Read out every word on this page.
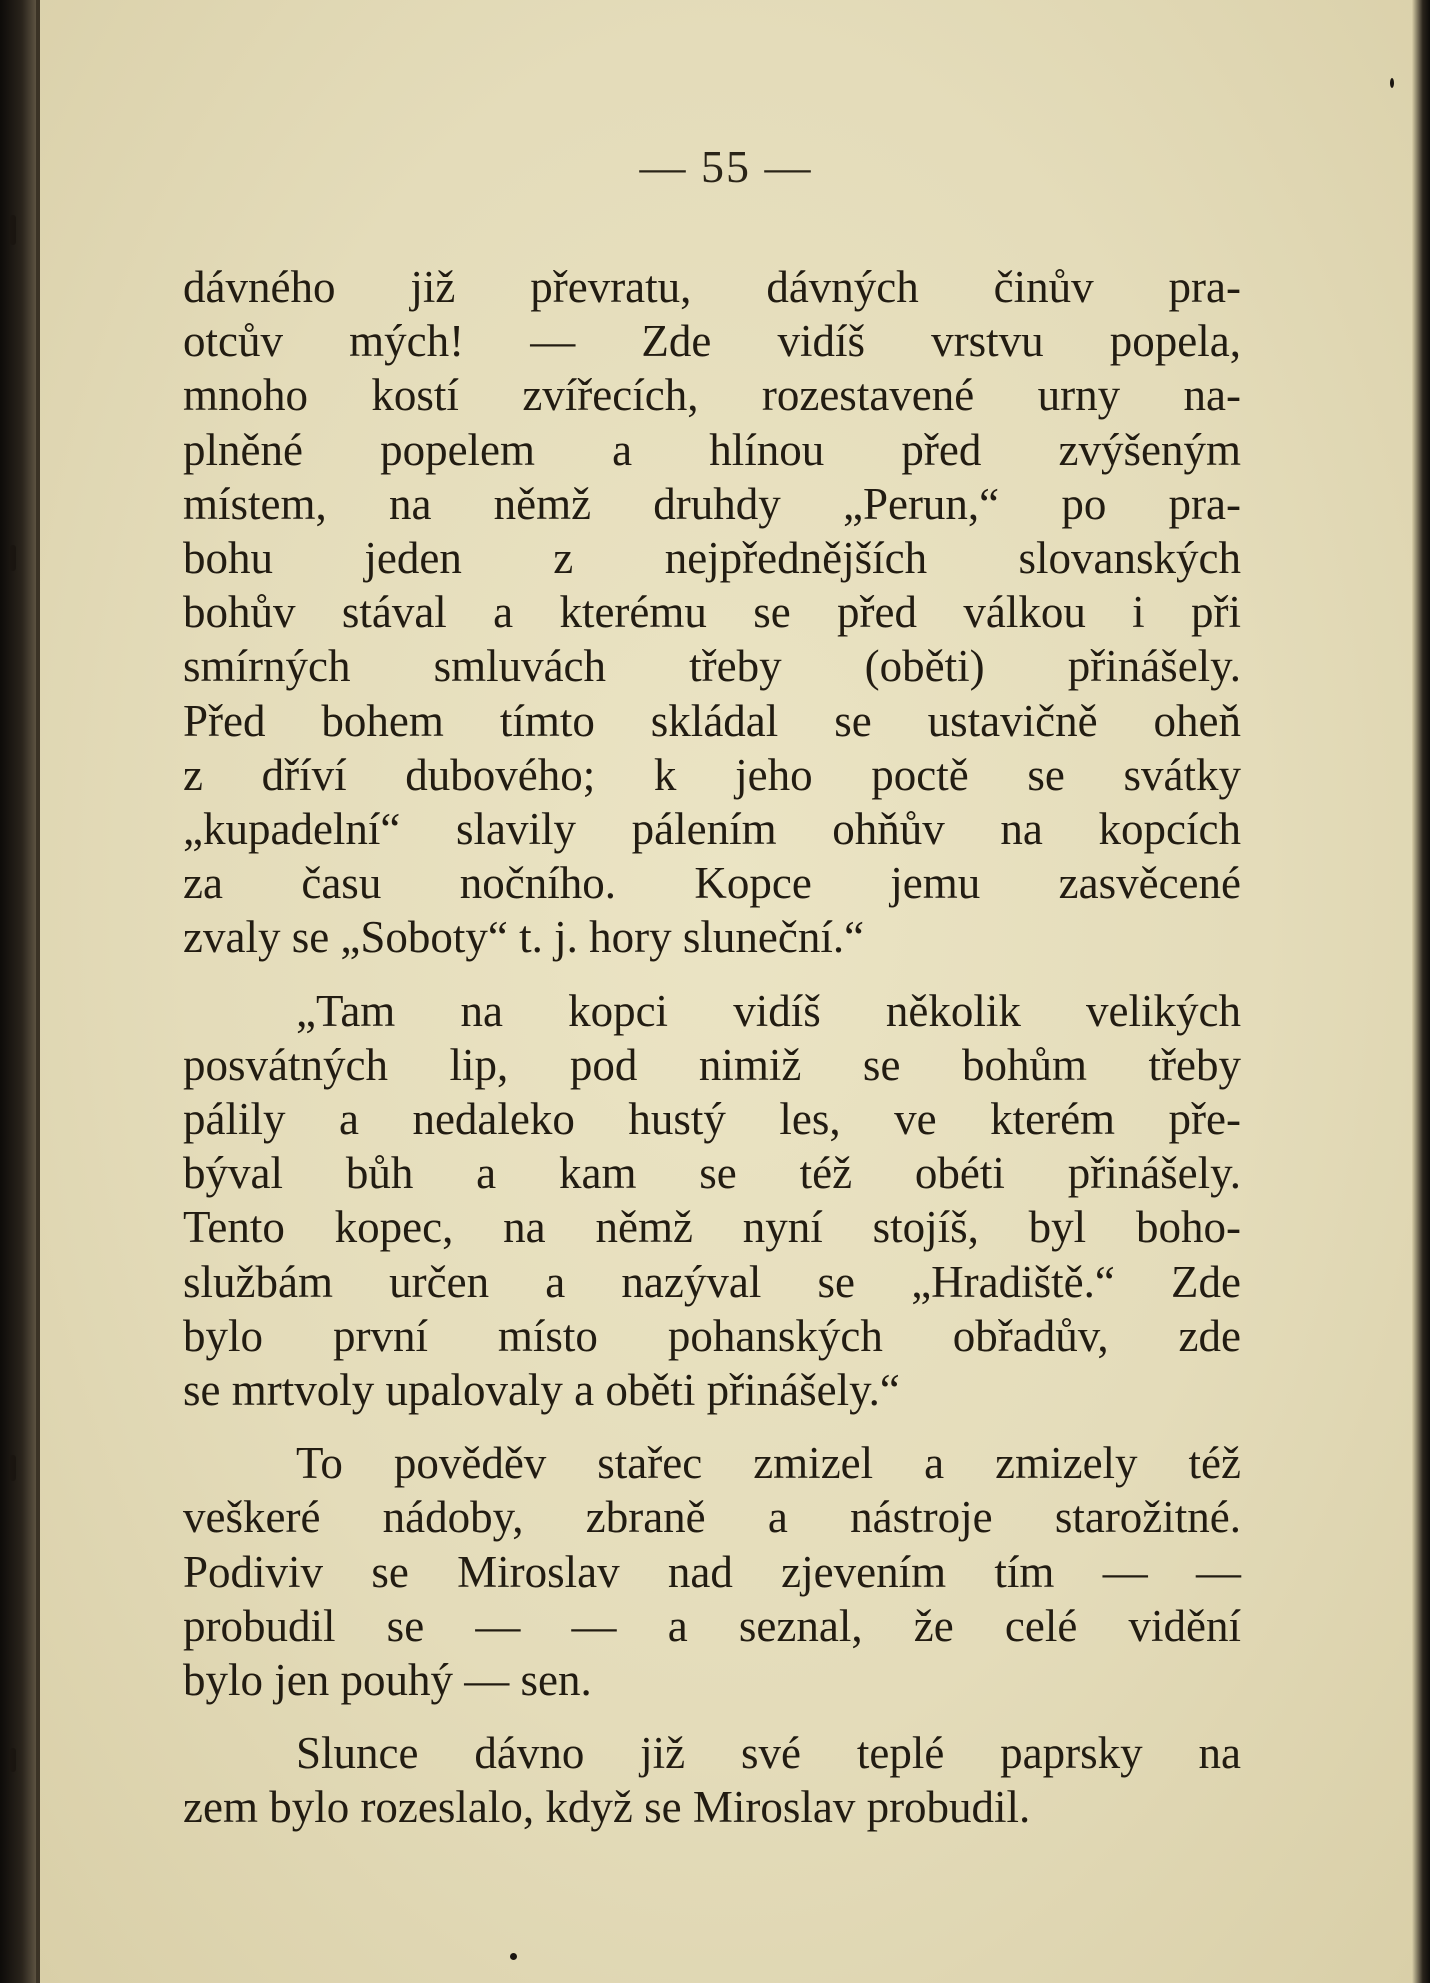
— 55 —

dávného již převratu, dávných činův pra-
otcův mých! — Zde vidíš vrstvu popela,
mnoho kostí zvířecích, rozestavené urny na-
plněné popelem a hlínou před zvýšeným
místem, na němž druhdy „Perun,“ po pra-
bohu jeden z nejpřednějších slovanských
bohův stával a kterému se před válkou i při
smírných smluvách třeby (oběti) přinášely.
Před bohem tímto skládal se ustavičně oheň
z dříví dubového; k jeho poctě se svátky
„kupadelní“ slavily pálením ohňův na kopcích
za času nočního. Kopce jemu zasvěcené
zvaly se „Soboty“ t. j. hory sluneční.“

„Tam na kopci vidíš několik velikých
posvátných lip, pod nimiž se bohům třeby
pálily a nedaleko hustý les, ve kterém pře-
býval bůh a kam se též obéti přinášely.
Tento kopec, na němž nyní stojíš, byl boho-
službám určen a nazýval se „Hradiště.“ Zde
bylo první místo pohanských obřadův, zde
se mrtvoly upalovaly a oběti přinášely.“

To pověděv stařec zmizel a zmizely též
veškeré nádoby, zbraně a nástroje starožitné.
Podiviv se Miroslav nad zjevením tím — —
probudil se — — a seznal, že celé vidění
bylo jen pouhý — sen.

Slunce dávno již své teplé paprsky na
zem bylo rozeslalo, když se Miroslav probudil.
